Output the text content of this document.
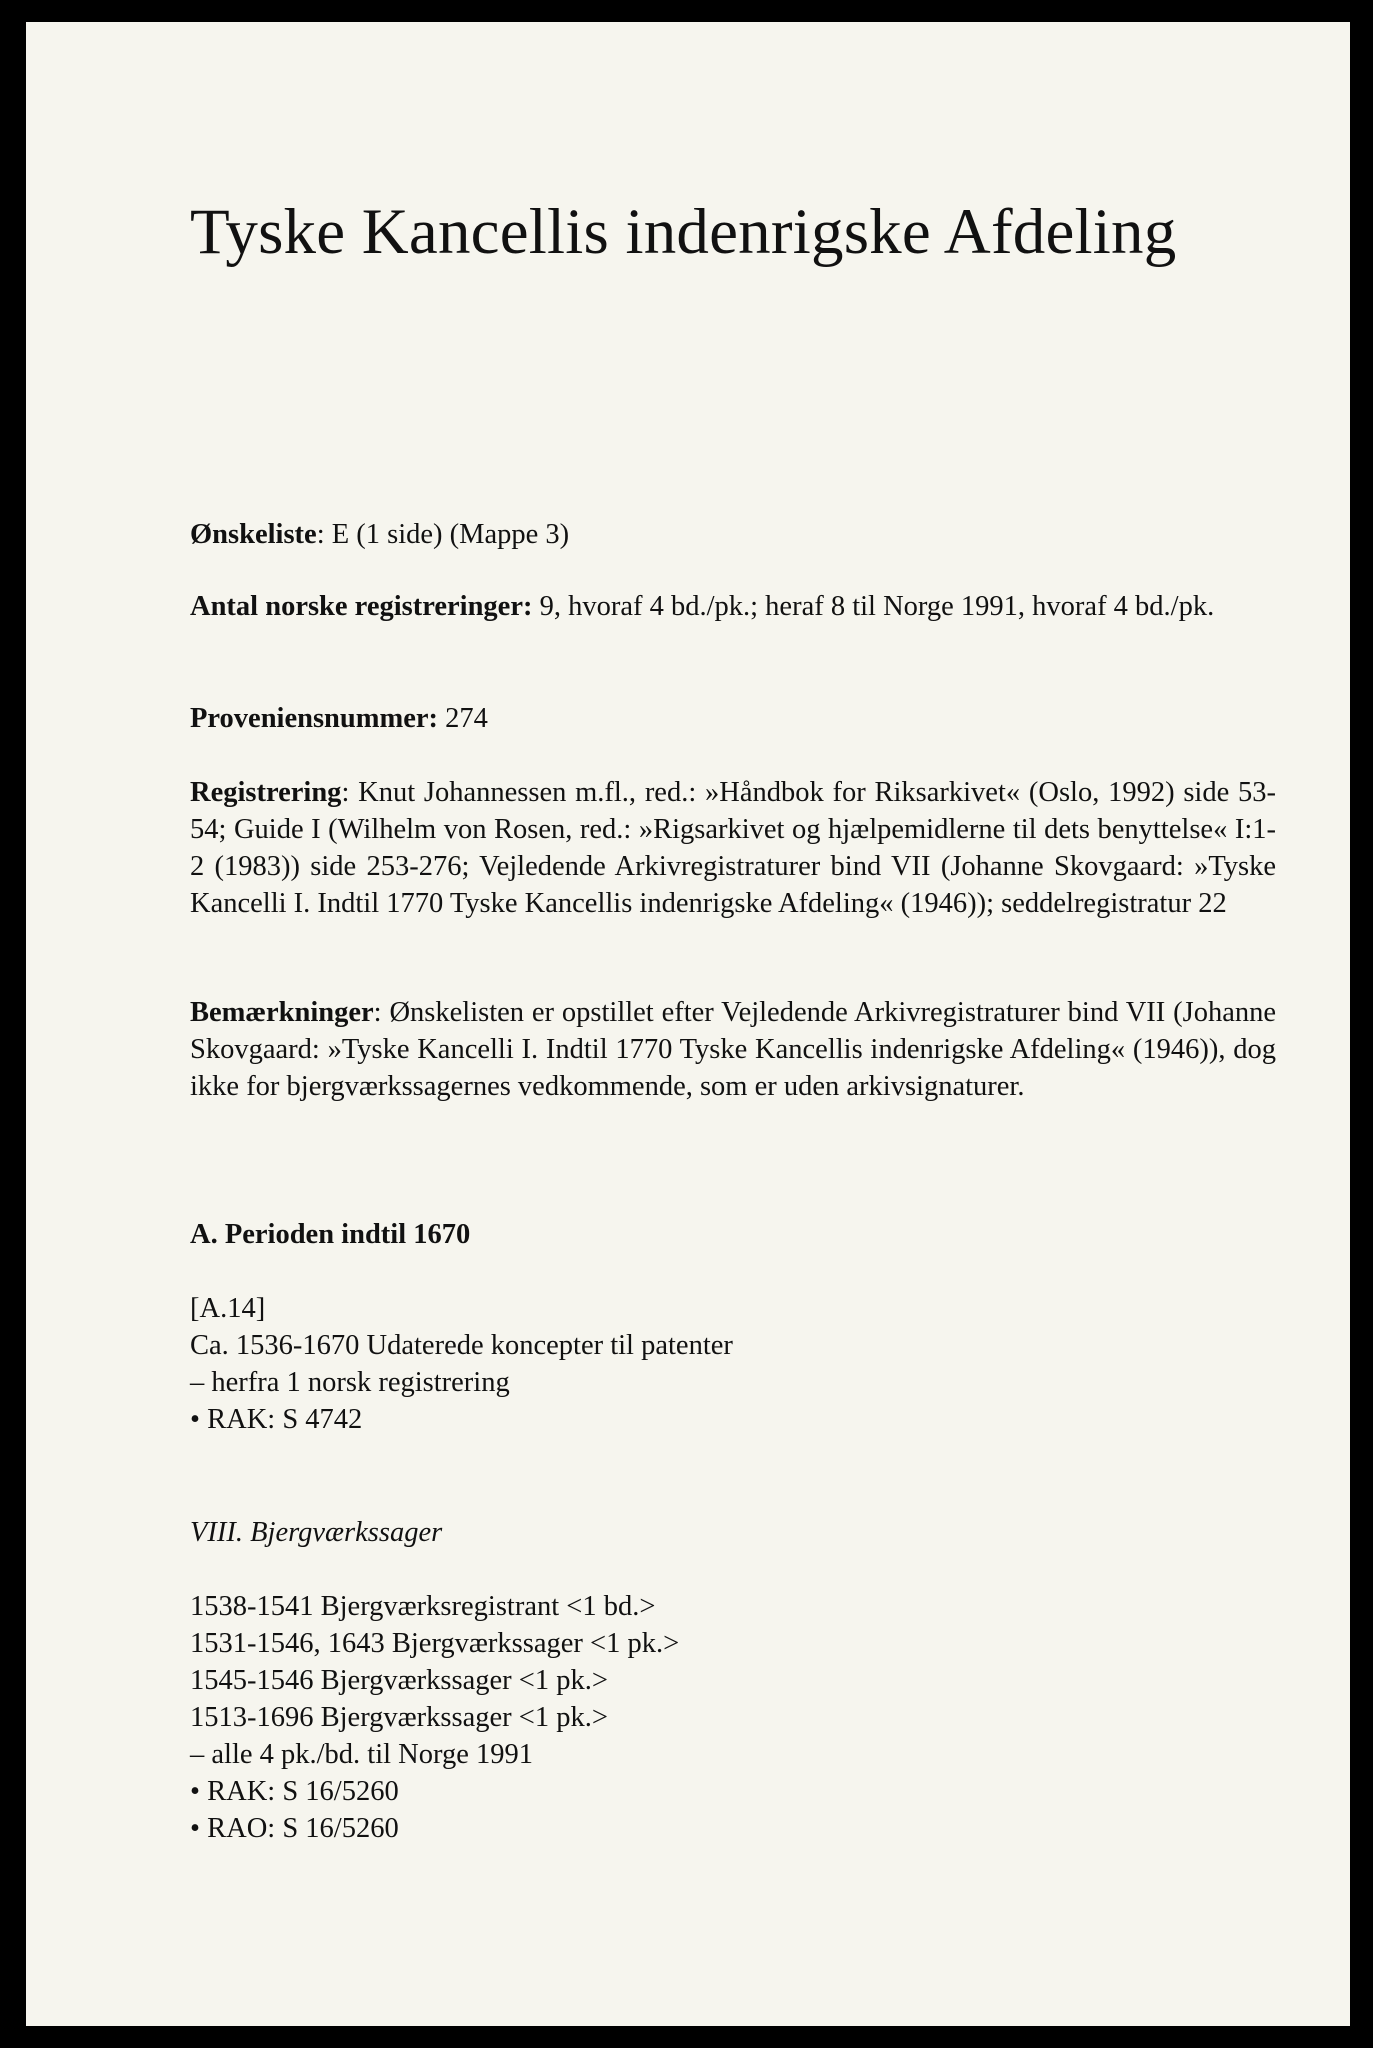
Tyske Kancellis indenrigske Afdeling

Ønskeliste: E (1 side) (Mappe 3)

Antal norske registreringer: 9, hvoraf 4 bd./pk.; heraf 8 til Norge 1991, hvoraf 4 bd./pk.

Proveniensnummer: 274

Registrering: Knut Johannessen m.fl., red.: »Håndbok for Riksarkivet« (Oslo, 1992) side 53-54; Guide I (Wilhelm von Rosen, red.: »Rigsarkivet og hjælpemidlerne til dets benyttelse« I:1-2 (1983)) side 253-276; Vejledende Arkivregistraturer bind VII (Johanne Skovgaard: »Tyske Kancelli I. Indtil 1770 Tyske Kancellis indenrigske Afdeling« (1946)); seddelregistratur 22

Bemærkninger: Ønskelisten er opstillet efter Vejledende Arkivregistraturer bind VII (Johanne Skovgaard: »Tyske Kancelli I. Indtil 1770 Tyske Kancellis indenrigske Afdeling« (1946)), dog ikke for bjergværkssagernes vedkommende, som er uden arkivsignaturer.

A. Perioden indtil 1670

[A.14]
Ca. 1536-1670 Udaterede koncepter til patenter
– herfra 1 norsk registrering
• RAK: S 4742

VIII. Bjergværkssager

1538-1541 Bjergværksregistrant <1 bd.>
1531-1546, 1643 Bjergværkssager <1 pk.>
1545-1546 Bjergværkssager <1 pk.>
1513-1696 Bjergværkssager <1 pk.>
– alle 4 pk./bd. til Norge 1991
• RAK: S 16/5260
• RAO: S 16/5260
